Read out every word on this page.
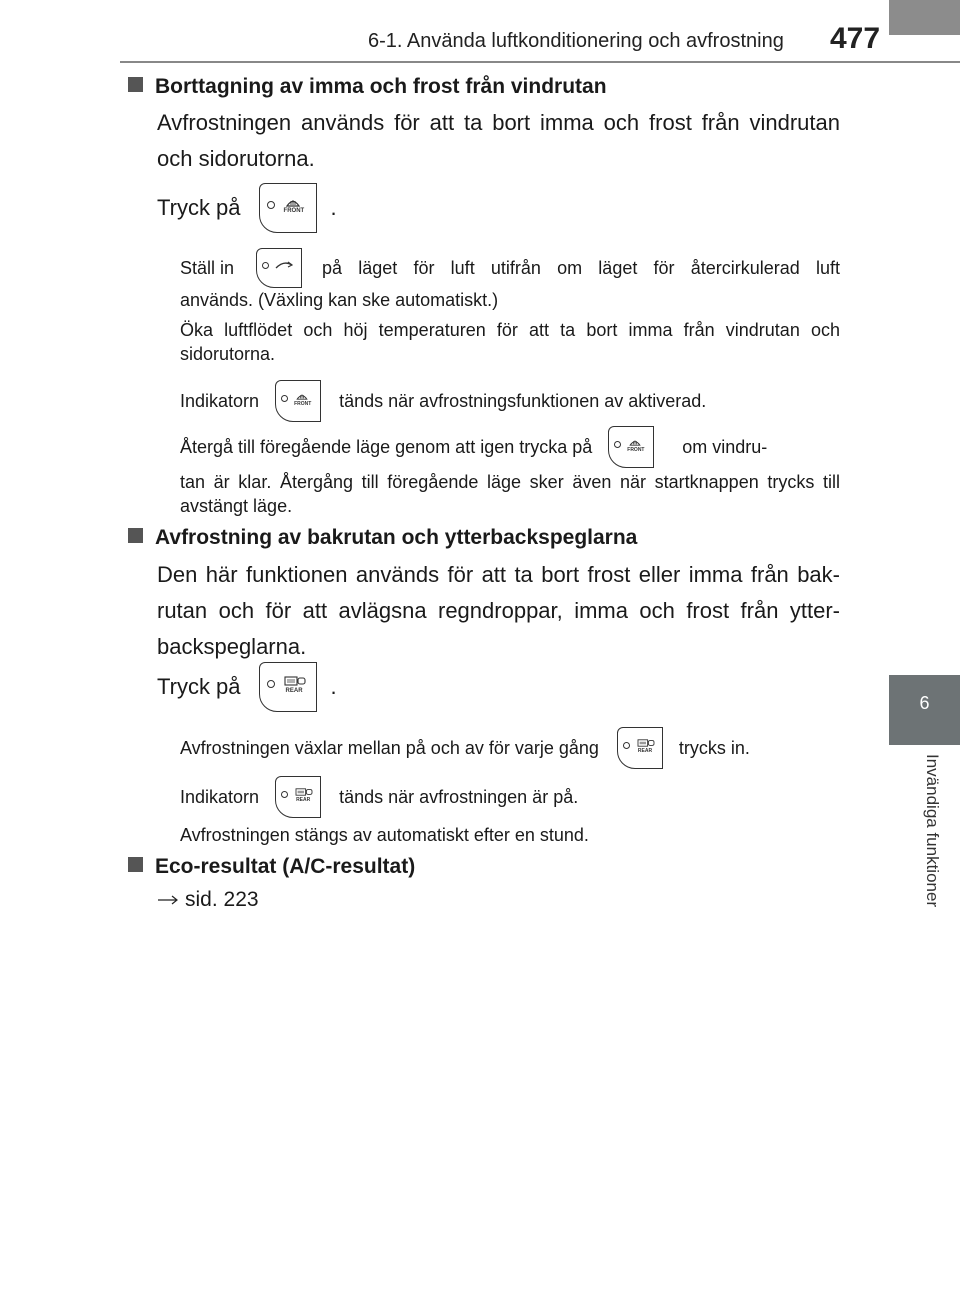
6-1. Använda luftkonditionering och avfrostning 477
6
Invändiga funktioner
Borttagning av imma och frost från vindrutan
Avfrostningen används för att ta bort imma och frost från vindrutan och sidorutorna.
Tryck på	FRONT .
Ställ in	på läget för luft utifrån om läget för återcirkulerad luft
används. (Växling kan ske automatiskt.)
Öka luftflödet och höj temperaturen för att ta bort imma från vindrutan och sidorutorna.
Indikatorn	FRONT tänds när avfrostningsfunktionen av aktiverad.
Återgå till föregående läge genom att igen trycka på	FRONT om vindru-
tan är klar. Återgång till föregående läge sker även när startknappen trycks till avstängt läge.
Avfrostning av bakrutan och ytterbackspeglarna
Den här funktionen används för att ta bort frost eller imma från bak-rutan och för att avlägsna regndroppar, imma och frost från ytter-backspeglarna.
Tryck på	REAR .
Avfrostningen växlar mellan på och av för varje gång	REAR trycks in.
Indikatorn	REAR tänds när avfrostningen är på.
Avfrostningen stängs av automatiskt efter en stund.
Eco-resultat (A/C-resultat)
sid. 223
